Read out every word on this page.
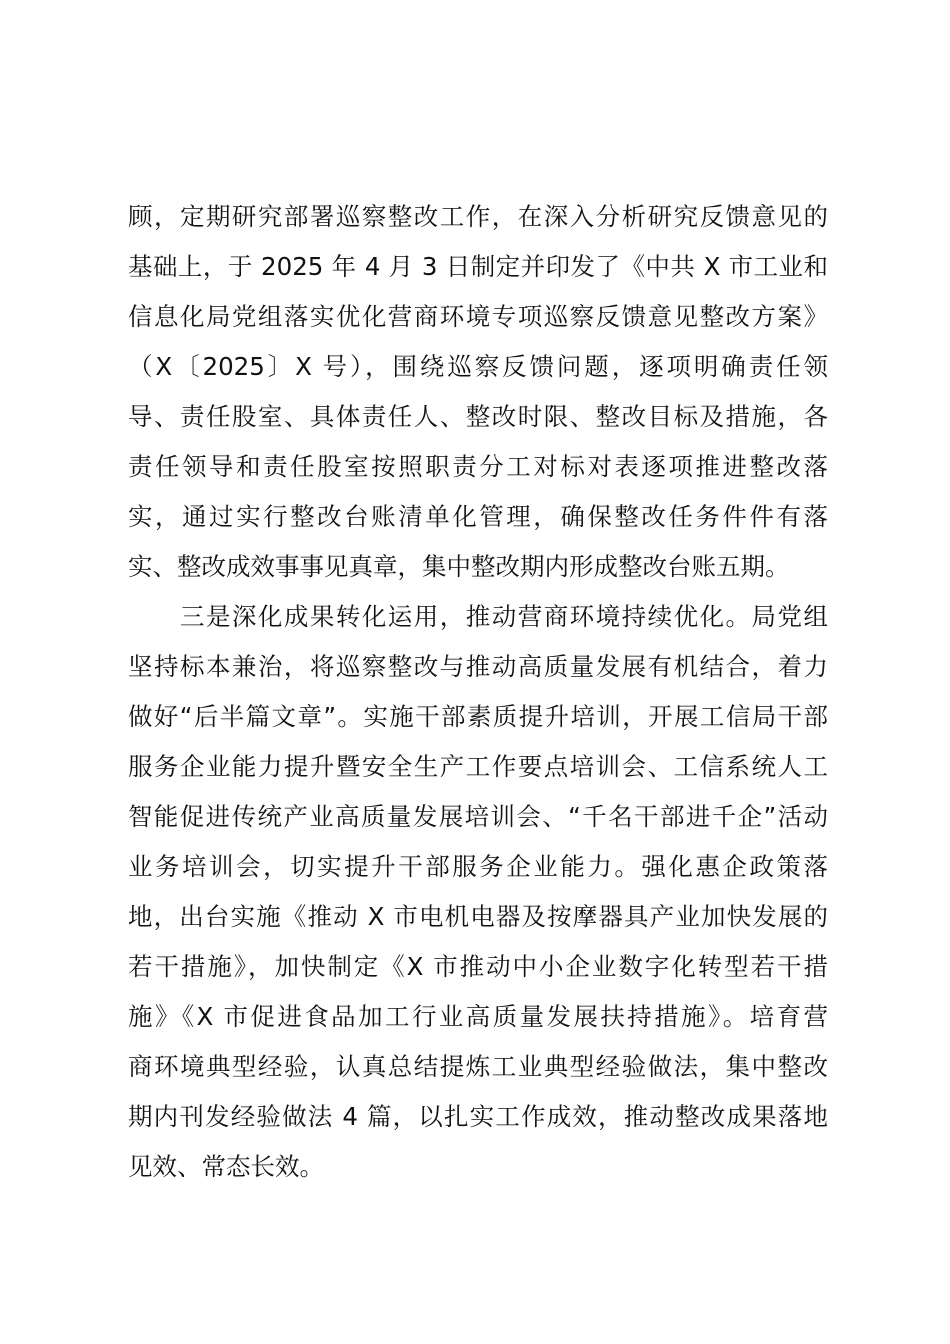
顾，定期研究部署巡察整改工作，在深入分析研究反馈意见的
基础上，于 2025 年 4 月 3 日制定并印发了《中共 X 市工业和
信息化局党组落实优化营商环境专项巡察反馈意见整改方案》
（X〔2025〕X 号），围绕巡察反馈问题，逐项明确责任领
导、责任股室、具体责任人、整改时限、整改目标及措施，各
责任领导和责任股室按照职责分工对标对表逐项推进整改落
实，通过实行整改台账清单化管理，确保整改任务件件有落
实、整改成效事事见真章，集中整改期内形成整改台账五期。
　　三是深化成果转化运用，推动营商环境持续优化。局党组
坚持标本兼治，将巡察整改与推动高质量发展有机结合，着力
做好“后半篇文章”。实施干部素质提升培训，开展工信局干部
服务企业能力提升暨安全生产工作要点培训会、工信系统人工
智能促进传统产业高质量发展培训会、“千名干部进千企”活动
业务培训会，切实提升干部服务企业能力。强化惠企政策落
地，出台实施《推动 X 市电机电器及按摩器具产业加快发展的
若干措施》，加快制定《X 市推动中小企业数字化转型若干措
施》《X 市促进食品加工行业高质量发展扶持措施》。培育营
商环境典型经验，认真总结提炼工业典型经验做法，集中整改
期内刊发经验做法 4 篇，以扎实工作成效，推动整改成果落地
见效、常态长效。
